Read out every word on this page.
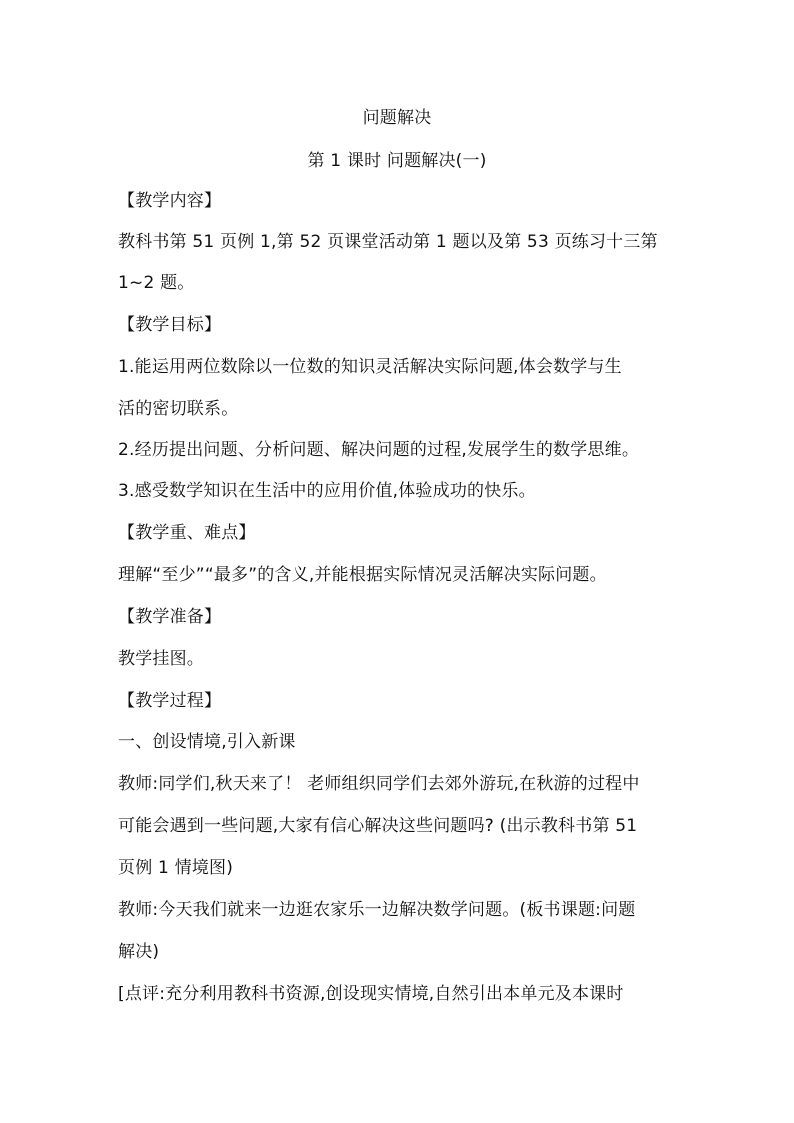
问题解决
第 1 课时 问题解决(一)
【教学内容】
教科书第 51 页例 1,第 52 页课堂活动第 1 题以及第 53 页练习十三第
1~2 题。
【教学目标】
1.能运用两位数除以一位数的知识灵活解决实际问题,体会数学与生
活的密切联系。
2.经历提出问题、分析问题、解决问题的过程,发展学生的数学思维。
3.感受数学知识在生活中的应用价值,体验成功的快乐。
【教学重、难点】
理解“至少”“最多”的含义,并能根据实际情况灵活解决实际问题。
【教学准备】
教学挂图。
【教学过程】
一、创设情境,引入新课
教师:同学们,秋天来了！ 老师组织同学们去郊外游玩,在秋游的过程中
可能会遇到一些问题,大家有信心解决这些问题吗? (出示教科书第 51
页例 1 情境图)
教师:今天我们就来一边逛农家乐一边解决数学问题。(板书课题:问题
解决)
[点评:充分利用教科书资源,创设现实情境,自然引出本单元及本课时
